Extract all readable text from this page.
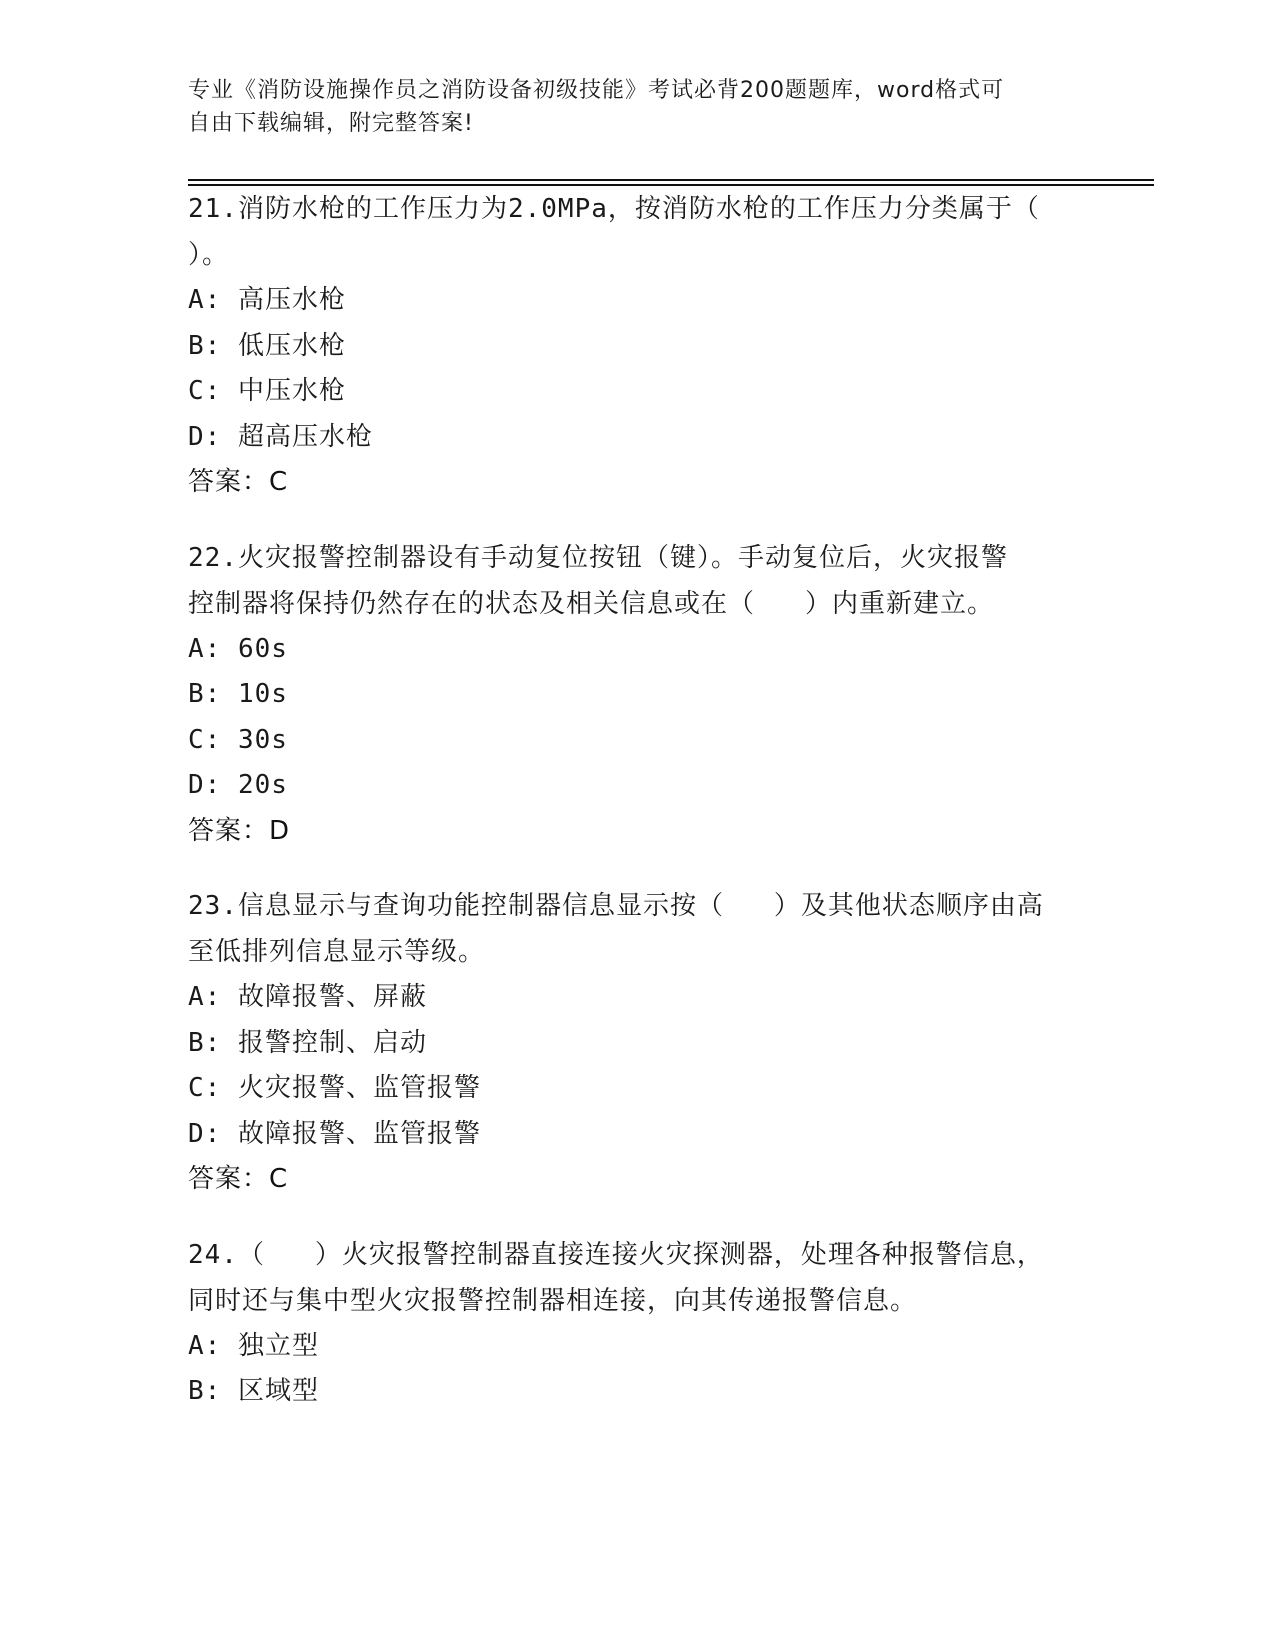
专业《消防设施操作员之消防设备初级技能》考试必背200题题库，word格式可
自由下载编辑，附完整答案!

21.消防水枪的工作压力为2.0MPa，按消防水枪的工作压力分类属于（

）。

A: 高压水枪

B: 低压水枪

C: 中压水枪

D: 超高压水枪

答案：C

22.火灾报警控制器设有手动复位按钮（键）。手动复位后，火灾报警

控制器将保持仍然存在的状态及相关信息或在（   ）内重新建立。

A: 60s

B: 10s

C: 30s

D: 20s

答案：D

23.信息显示与查询功能控制器信息显示按（   ）及其他状态顺序由高

至低排列信息显示等级。

A: 故障报警、屏蔽

B: 报警控制、启动

C: 火灾报警、监管报警

D: 故障报警、监管报警

答案：C

24.（   ）火灾报警控制器直接连接火灾探测器，处理各种报警信息，

同时还与集中型火灾报警控制器相连接，向其传递报警信息。

A: 独立型

B: 区域型
